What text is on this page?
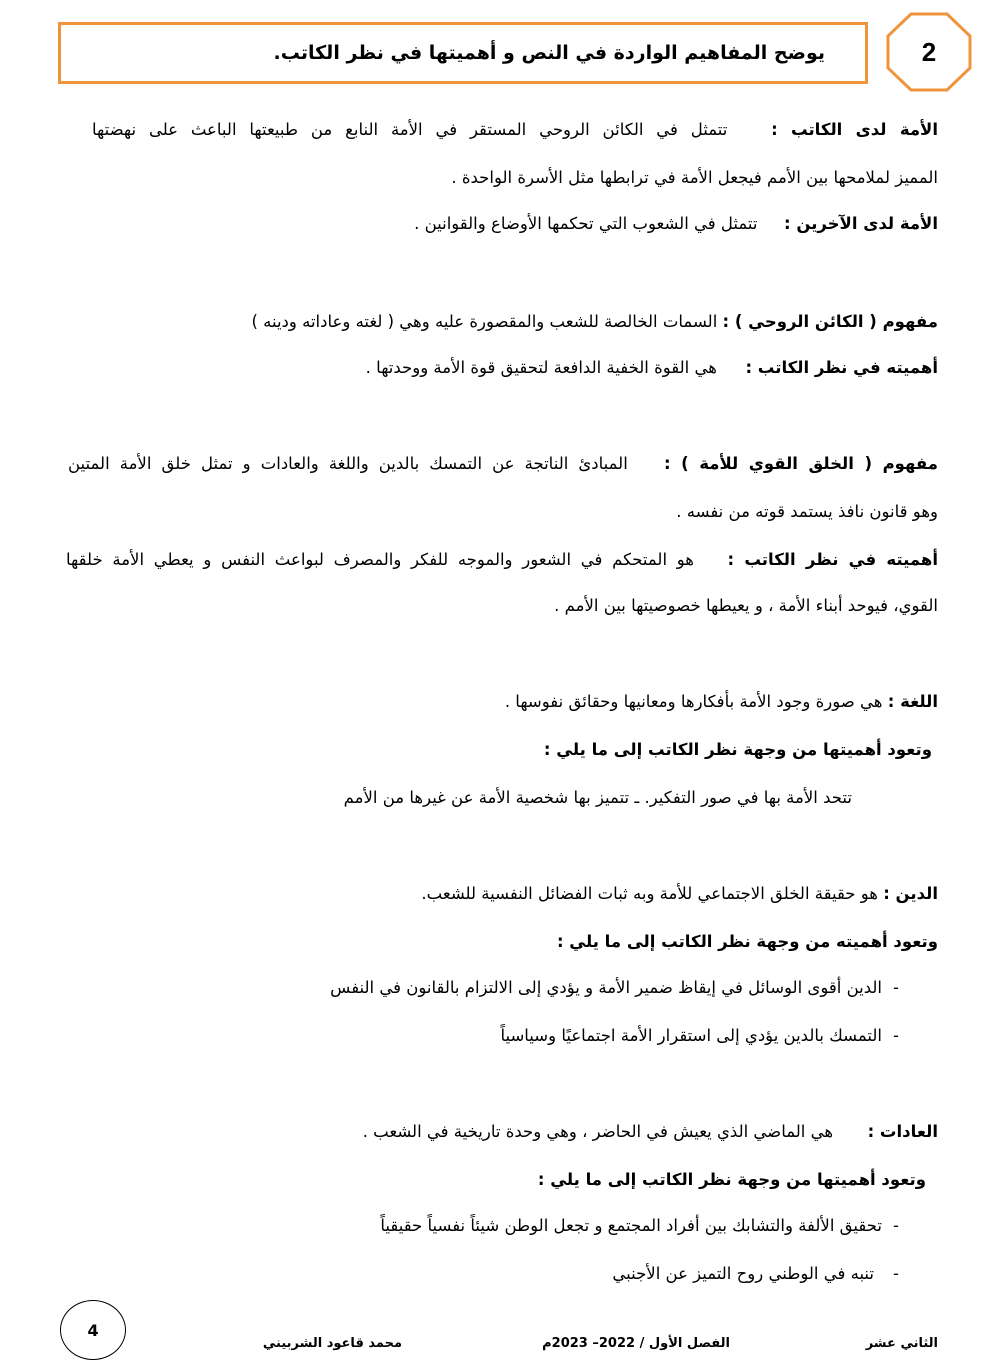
2
يوضح المفاهيم الواردة في النص و أهميتها في نظر الكاتب.
الأمة لدى الكاتب :  تتمثل في الكائن الروحي المستقر في الأمة النابع من طبيعتها الباعث على نهضتها
المميز لملامحها بين الأمم فيجعل الأمة في ترابطها مثل الأسرة الواحدة .
الأمة لدى الآخرين :  تتمثل في الشعوب التي تحكمها الأوضاع والقوانين .
مفهوم ( الكائن الروحي ) : السمات الخالصة للشعب والمقصورة عليه وهي ( لغته وعاداته ودينه )
أهميته في نظر الكاتب :  هي القوة الخفية الدافعة لتحقيق قوة الأمة ووحدتها .
مفهوم ( الخلق القوي للأمة ) :  المبادئ الناتجة عن التمسك بالدين واللغة والعادات و تمثل خلق الأمة المتين
وهو قانون نافذ يستمد قوته من نفسه .
أهميته في نظر الكاتب :  هو المتحكم في الشعور والموجه للفكر والمصرف لبواعث النفس و يعطي الأمة خلقها
القوي، فيوحد أبناء الأمة ، و يعيطها خصوصيتها بين الأمم .
اللغة : هي صورة وجود الأمة بأفكارها ومعانيها وحقائق نفوسها .
وتعود أهميتها من وجهة نظر الكاتب إلى ما يلي :
تتحد الأمة بها في صور التفكير. ـ تتميز بها شخصية الأمة عن غيرها من الأمم
الدين : هو حقيقة الخلق الاجتماعي للأمة وبه ثبات الفضائل النفسية للشعب.
وتعود أهميته من وجهة نظر الكاتب إلى ما يلي :
-الدين أقوى الوسائل في إيقاظ ضمير الأمة و يؤدي إلى الالتزام بالقانون في النفس
-التمسك بالدين يؤدي إلى استقرار الأمة اجتماعيًا وسياسياً
العادات :  هي الماضي الذي يعيش في الحاضر ، وهي وحدة تاريخية في الشعب .
وتعود أهميتها من وجهة نظر الكاتب إلى ما يلي :
-تحقيق الألفة والتشابك بين أفراد المجتمع و تجعل الوطن شيئاً نفسياً حقيقياً
-تنبه في الوطني روح التميز عن الأجنبي
4
الثاني عشر
الفصل الأول / 2022– 2023م
محمد قاعود الشربيني
